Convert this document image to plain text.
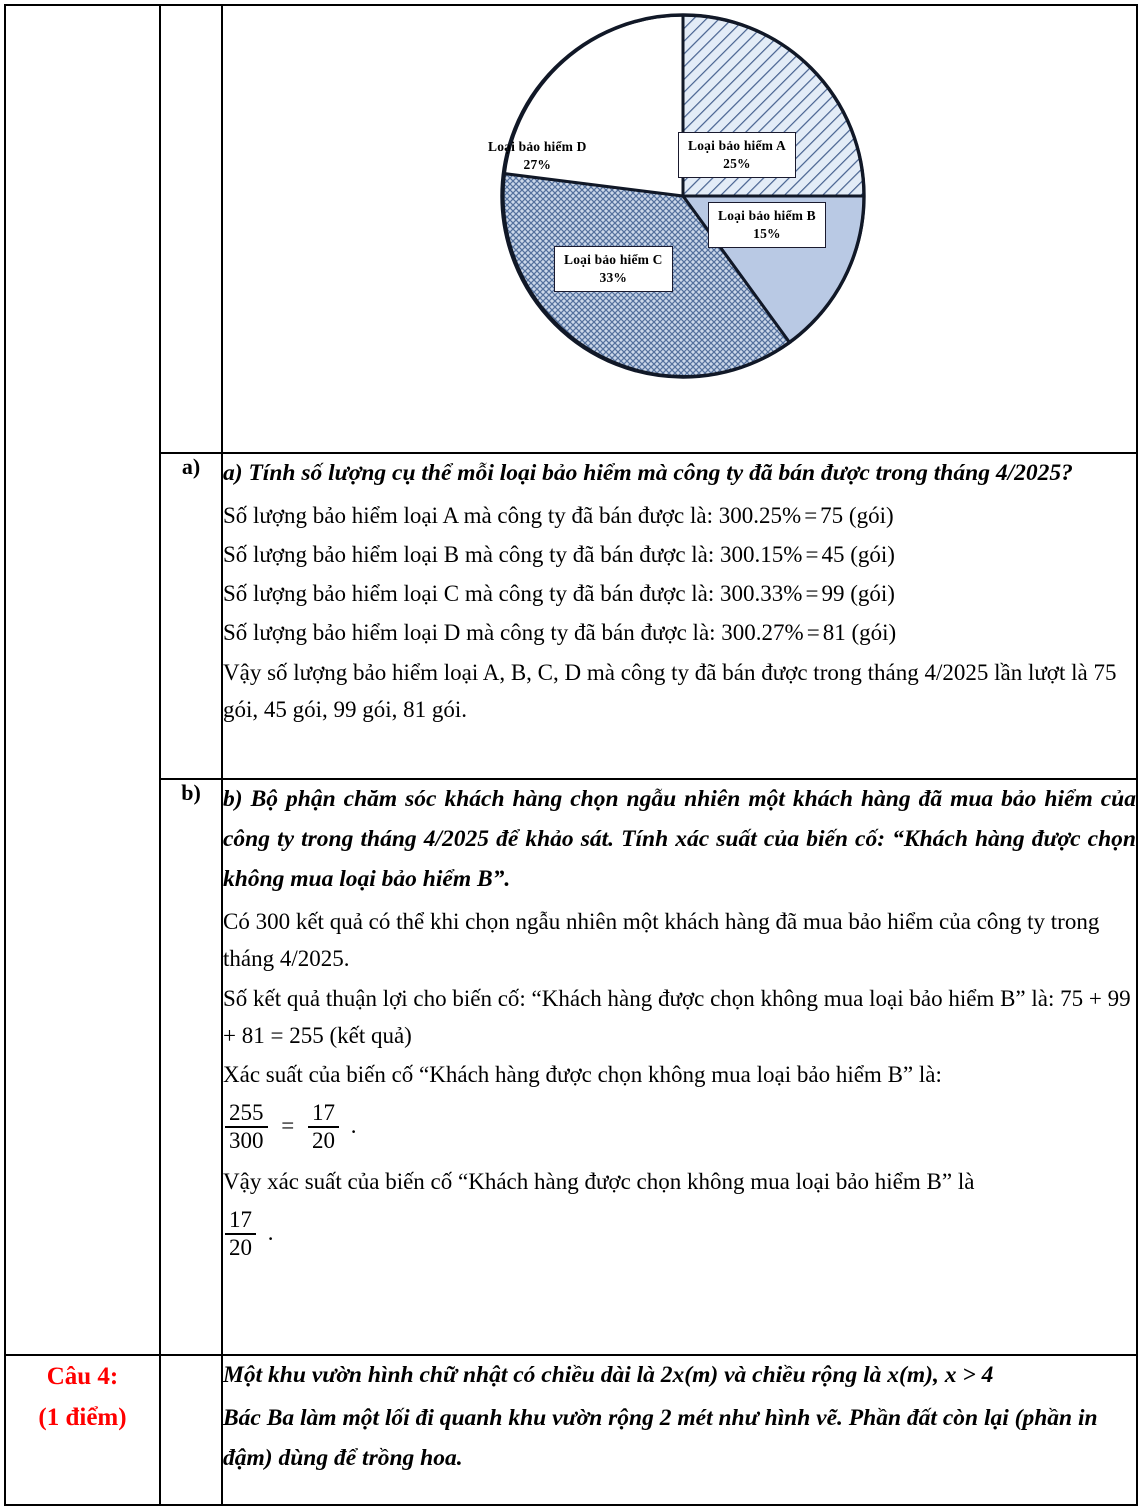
Loại bảo hiểm A
25%
Loại bảo hiểm B
15%
Loại bảo hiểm C
33%
Loại bảo hiểm D
27%

a)	a) Tính số lượng cụ thể mỗi loại bảo hiểm mà công ty đã bán được trong tháng 4/2025?
Số lượng bảo hiểm loại A mà công ty đã bán được là: 300.25% = 75 (gói)
Số lượng bảo hiểm loại B mà công ty đã bán được là: 300.15% = 45 (gói)
Số lượng bảo hiểm loại C mà công ty đã bán được là: 300.33% = 99 (gói)
Số lượng bảo hiểm loại D mà công ty đã bán được là: 300.27% = 81 (gói)
Vậy số lượng bảo hiểm loại A, B, C, D mà công ty đã bán được trong tháng 4/2025 lần lượt là 75 gói, 45 gói, 99 gói, 81 gói.

b)	b) Bộ phận chăm sóc khách hàng chọn ngẫu nhiên một khách hàng đã mua bảo hiểm của công ty trong tháng 4/2025 để khảo sát. Tính xác suất của biến cố: “Khách hàng được chọn không mua loại bảo hiểm B”.
Có 300 kết quả có thể khi chọn ngẫu nhiên một khách hàng đã mua bảo hiểm của công ty trong tháng 4/2025.
Số kết quả thuận lợi cho biến cố: “Khách hàng được chọn không mua loại bảo hiểm B” là: 75 + 99 + 81 = 255 (kết quả)
Xác suất của biến cố “Khách hàng được chọn không mua loại bảo hiểm B” là:
$\frac{255}{300} = \frac{17}{20}$ .
Vậy xác suất của biến cố “Khách hàng được chọn không mua loại bảo hiểm B” là
$\frac{17}{20}$ .

Câu 4:
(1 điểm)

Một khu vườn hình chữ nhật có chiều dài là 2x(m) và chiều rộng là x(m), x > 4
Bác Ba làm một lối đi quanh khu vườn rộng 2 mét như hình vẽ. Phần đất còn lại (phần in đậm) dùng để trồng hoa.
